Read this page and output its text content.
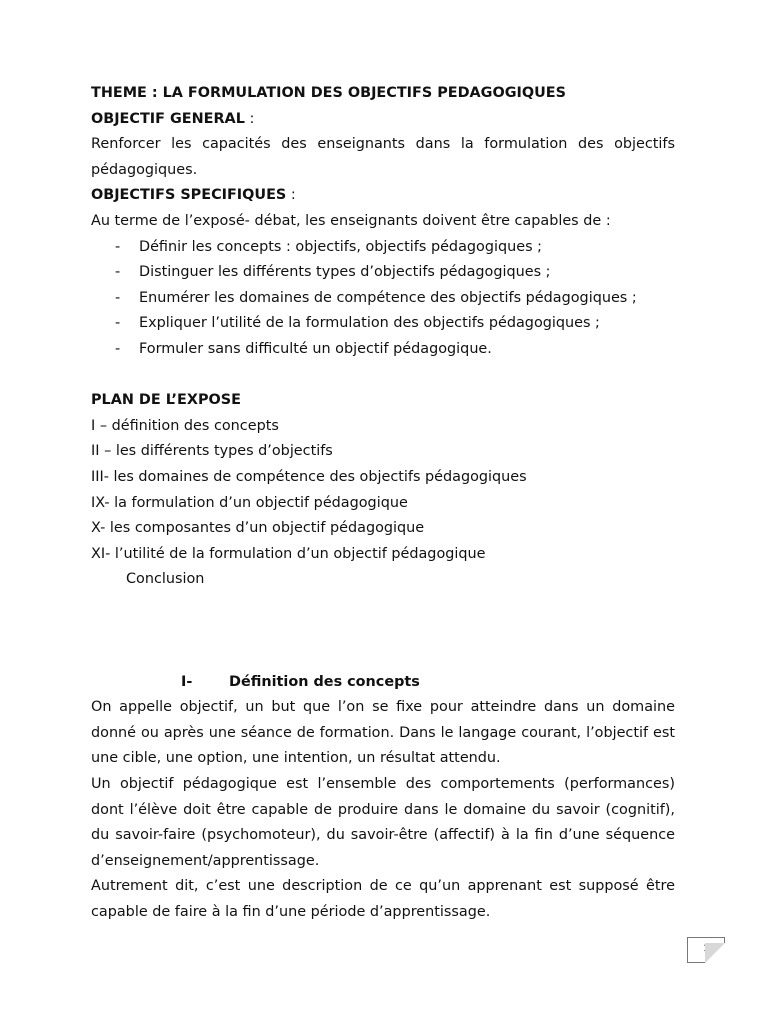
THEME : LA FORMULATION DES OBJECTIFS PEDAGOGIQUES
OBJECTIF GENERAL :
Renforcer les capacités des enseignants dans la formulation des objectifs pédagogiques.
OBJECTIFS SPECIFIQUES :
Au terme de l’exposé- débat, les enseignants doivent être capables de :
- Définir les concepts : objectifs, objectifs pédagogiques ;
- Distinguer les différents types d’objectifs pédagogiques ;
- Enumérer les domaines de compétence des objectifs pédagogiques ;
- Expliquer l’utilité de la formulation des objectifs pédagogiques ;
- Formuler sans difficulté un objectif pédagogique.
PLAN DE L’EXPOSE
I – définition des concepts
II – les différents types d’objectifs
III- les domaines de compétence des objectifs pédagogiques
IX- la formulation d’un objectif pédagogique
X- les composantes d’un objectif pédagogique
XI- l’utilité de la formulation d’un objectif pédagogique
Conclusion
I-	Définition des concepts

On appelle objectif, un but que l’on se fixe pour atteindre dans un domaine donné ou après une séance de formation. Dans le langage courant, l’objectif est une cible, une option, une intention, un résultat attendu.

Un objectif pédagogique est l’ensemble des comportements (performances) dont l’élève doit être capable de produire dans le domaine du savoir (cognitif), du savoir-faire (psychomoteur), du savoir-être (affectif) à la fin d’une séquence d’enseignement/apprentissage.

Autrement dit, c’est une description de ce qu’un apprenant est supposé être capable de faire à la fin d’une période d’apprentissage.

1
